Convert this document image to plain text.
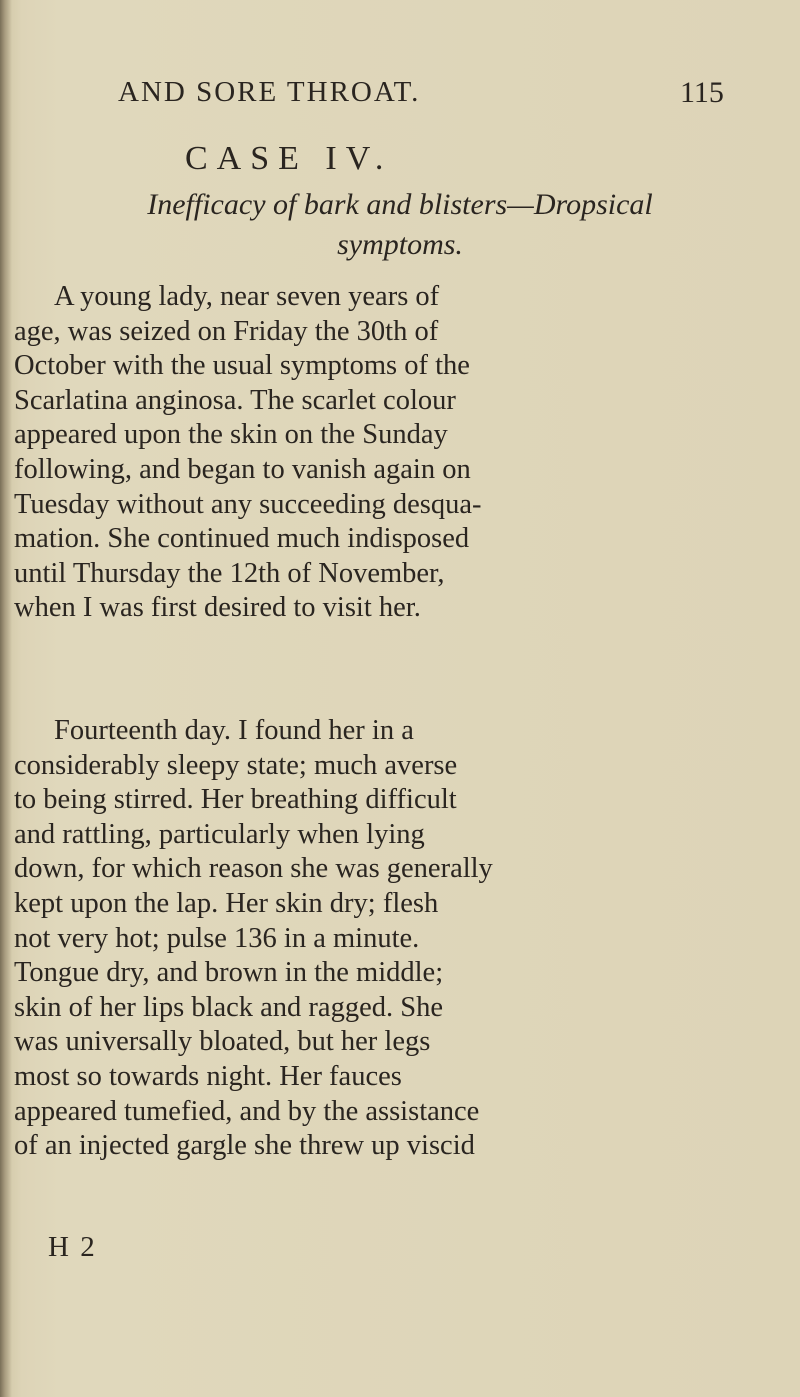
AND SORE THROAT.	115
CASE IV.
Inefficacy of bark and blisters—Dropsical
symptoms.
A young lady, near seven years of
age, was seized on Friday the 30th of
October with the usual symptoms of the
Scarlatina anginosa. The scarlet colour
appeared upon the skin on the Sunday
following, and began to vanish again on
Tuesday without any succeeding desqua-
mation. She continued much indisposed
until Thursday the 12th of November,
when I was first desired to visit her.
Fourteenth day. I found her in a
considerably sleepy state; much averse
to being stirred. Her breathing difficult
and rattling, particularly when lying
down, for which reason she was generally
kept upon the lap. Her skin dry; flesh
not very hot; pulse 136 in a minute.
Tongue dry, and brown in the middle;
skin of her lips black and ragged. She
was universally bloated, but her legs
most so towards night. Her fauces
appeared tumefied, and by the assistance
of an injected gargle she threw up viscid
H 2
